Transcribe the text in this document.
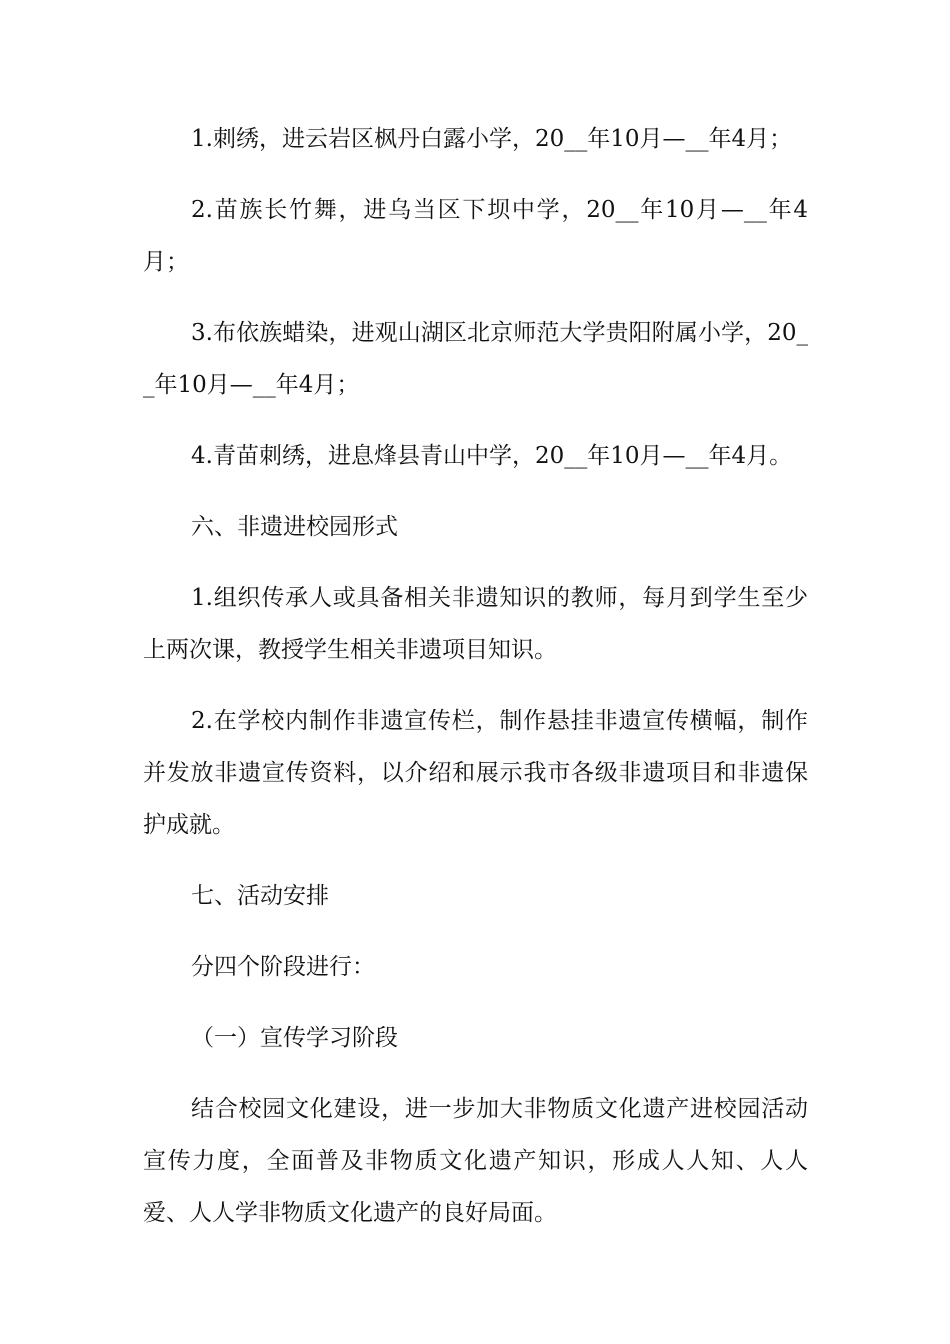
1.刺绣，进云岩区枫丹白露小学，20__年10月—__年4月；

2.苗族长竹舞，进乌当区下坝中学，20__年10月—__年4月；

3.布依族蜡染，进观山湖区北京师范大学贵阳附属小学，20__年10月—__年4月；

4.青苗刺绣，进息烽县青山中学，20__年10月—__年4月。

六、非遗进校园形式

1.组织传承人或具备相关非遗知识的教师，每月到学生至少上两次课，教授学生相关非遗项目知识。

2.在学校内制作非遗宣传栏，制作悬挂非遗宣传横幅，制作并发放非遗宣传资料，以介绍和展示我市各级非遗项目和非遗保护成就。

七、活动安排

分四个阶段进行：

（一）宣传学习阶段

结合校园文化建设，进一步加大非物质文化遗产进校园活动宣传力度，全面普及非物质文化遗产知识，形成人人知、人人爱、人人学非物质文化遗产的良好局面。
